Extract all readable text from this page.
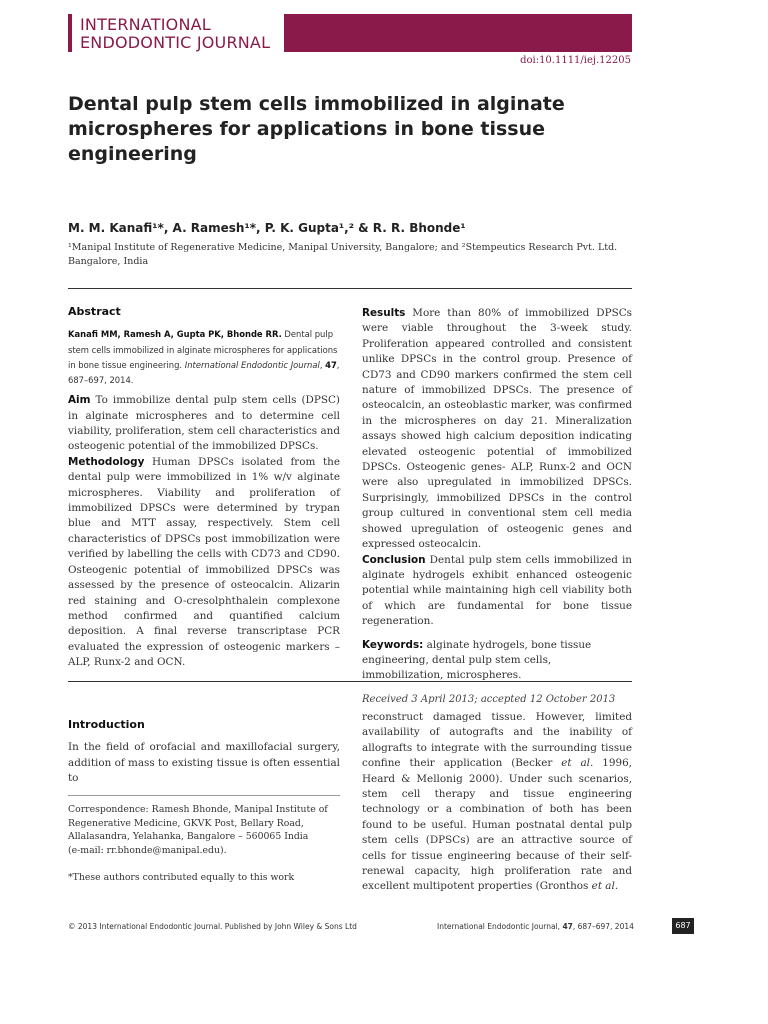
INTERNATIONAL
ENDODONTIC JOURNAL
doi:10.1111/iej.12205
Dental pulp stem cells immobilized in alginate microspheres for applications in bone tissue engineering
M. M. Kanafi¹*, A. Ramesh¹*, P. K. Gupta¹,² & R. R. Bhonde¹
¹Manipal Institute of Regenerative Medicine, Manipal University, Bangalore; and ²Stempeutics Research Pvt. Ltd. Bangalore, India

Abstract

Kanafi MM, Ramesh A, Gupta PK, Bhonde RR. Dental pulp stem cells immobilized in alginate microspheres for applications in bone tissue engineering. International Endodontic Journal, 47, 687–697, 2014.

Aim To immobilize dental pulp stem cells (DPSC) in alginate microspheres and to determine cell viability, proliferation, stem cell characteristics and osteogenic potential of the immobilized DPSCs.

Methodology Human DPSCs isolated from the dental pulp were immobilized in 1% w/v alginate microspheres. Viability and proliferation of immobilized DPSCs were determined by trypan blue and MTT assay, respectively. Stem cell characteristics of DPSCs post immobilization were verified by labelling the cells with CD73 and CD90. Osteogenic potential of immobilized DPSCs was assessed by the presence of osteocalcin. Alizarin red staining and O-cresolphthalein complexone method confirmed and quantified calcium deposition. A final reverse transcriptase PCR evaluated the expression of osteogenic markers – ALP, Runx-2 and OCN.

Results More than 80% of immobilized DPSCs were viable throughout the 3-week study. Proliferation appeared controlled and consistent unlike DPSCs in the control group. Presence of CD73 and CD90 markers confirmed the stem cell nature of immobilized DPSCs. The presence of osteocalcin, an osteoblastic marker, was confirmed in the microspheres on day 21. Mineralization assays showed high calcium deposition indicating elevated osteogenic potential of immobilized DPSCs. Osteogenic genes- ALP, Runx-2 and OCN were also upregulated in immobilized DPSCs. Surprisingly, immobilized DPSCs in the control group cultured in conventional stem cell media showed upregulation of osteogenic genes and expressed osteocalcin.

Conclusion Dental pulp stem cells immobilized in alginate hydrogels exhibit enhanced osteogenic potential while maintaining high cell viability both of which are fundamental for bone tissue regeneration.

Keywords: alginate hydrogels, bone tissue engineering, dental pulp stem cells, immobilization, microspheres.

Received 3 April 2013; accepted 12 October 2013

Introduction

In the field of orofacial and maxillofacial surgery, addition of mass to existing tissue is often essential to

Correspondence: Ramesh Bhonde, Manipal Institute of Regenerative Medicine, GKVK Post, Bellary Road, Allalasandra, Yelahanka, Bangalore – 560065 India

(e-mail: rr.bhonde@manipal.edu).

*These authors contributed equally to this work

reconstruct damaged tissue. However, limited availability of autografts and the inability of allografts to integrate with the surrounding tissue confine their application (Becker et al. 1996, Heard & Mellonig 2000). Under such scenarios, stem cell therapy and tissue engineering technology or a combination of both has been found to be useful. Human postnatal dental pulp stem cells (DPSCs) are an attractive source of cells for tissue engineering because of their self-renewal capacity, high proliferation rate and excellent multipotent properties (Gronthos et al.

© 2013 International Endodontic Journal. Published by John Wiley & Sons Ltd	International Endodontic Journal, 47, 687–697, 2014	687
